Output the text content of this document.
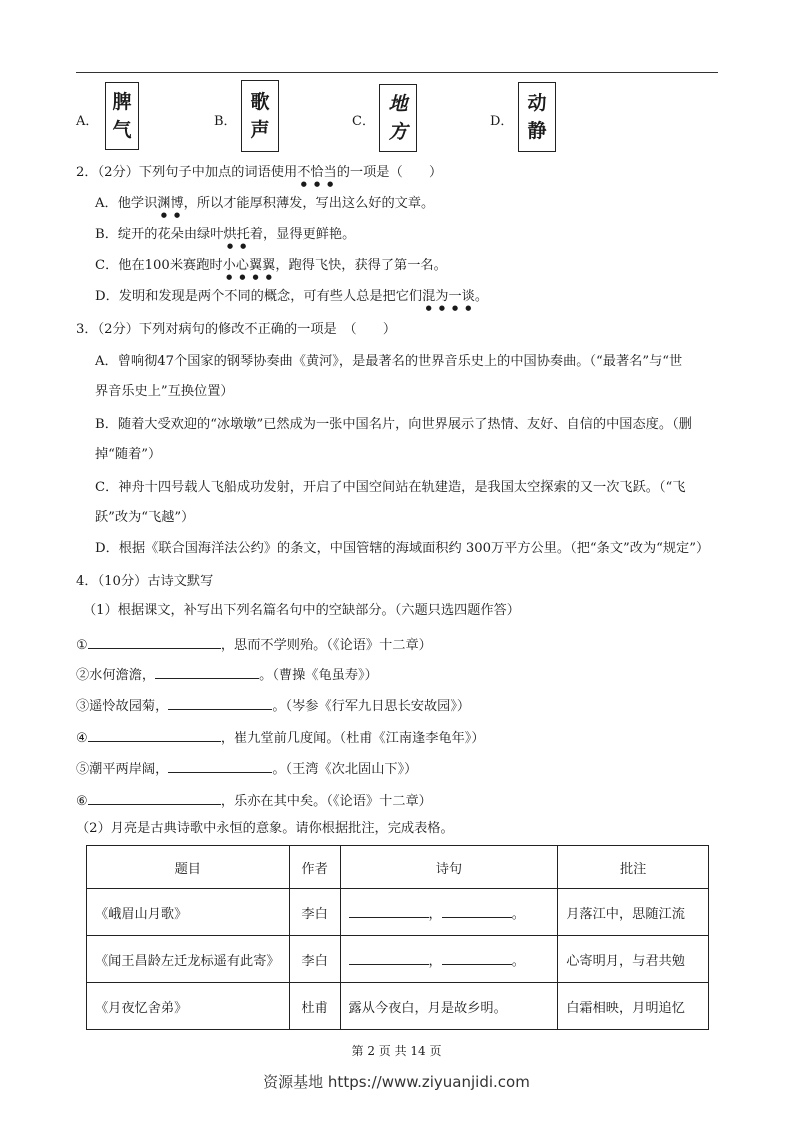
A．
脾
气	B．
歌
声	C．
地
方	D．
动
静
2．（2分）下列句子中加点的词语使用不恰当的一项是（　　）
A．他学识渊博，所以才能厚积薄发，写出这么好的文章。
B．绽开的花朵由绿叶烘托着，显得更鲜艳。
C．他在100米赛跑时小心翼翼，跑得飞快，获得了第一名。
D．发明和发现是两个不同的概念，可有些人总是把它们混为一谈。
3．（2分）下列对病句的修改不正确的一项是　（　　）
A．曾响彻47个国家的钢琴协奏曲《黄河》，是最著名的世界音乐史上的中国协奏曲。（“最著名”与“世
界音乐史上”互换位置）
B．随着大受欢迎的“冰墩墩”已然成为一张中国名片，向世界展示了热情、友好、自信的中国态度。（删
掉“随着”）
C．神舟十四号载人飞船成功发射，开启了中国空间站在轨建造，是我国太空探索的又一次飞跃。（“飞
跃”改为“飞越”）
D．根据《联合国海洋法公约》的条文，中国管辖的海域面积约 300万平方公里。（把“条文”改为“规定”）
4．（10分）古诗文默写
（1）根据课文，补写出下列名篇名句中的空缺部分。（六题只选四题作答）
①	，思而不学则殆。（《论语》十二章）
②水何澹澹，	。（曹操《龟虽寿》）
③遥怜故园菊，	。（岑参《行军九日思长安故园》）
④	，崔九堂前几度闻。（杜甫《江南逢李龟年》）
⑤潮平两岸阔，	。（王湾《次北固山下》）
⑥	，乐亦在其中矣。（《论语》十二章）
（2）月亮是古典诗歌中永恒的意象。请你根据批注，完成表格。
题目	作者	诗句	批注
《峨眉山月歌》	李白	， 。	月落江中，思随江流
《闻王昌龄左迁龙标遥有此寄》	李白	， 。	心寄明月，与君共勉
《月夜忆舍弟》	杜甫	露从今夜白，月是故乡明。	白霜相映，月明追忆
第 2 页 共 14 页
资源基地 https://www.ziyuanjidi.com
